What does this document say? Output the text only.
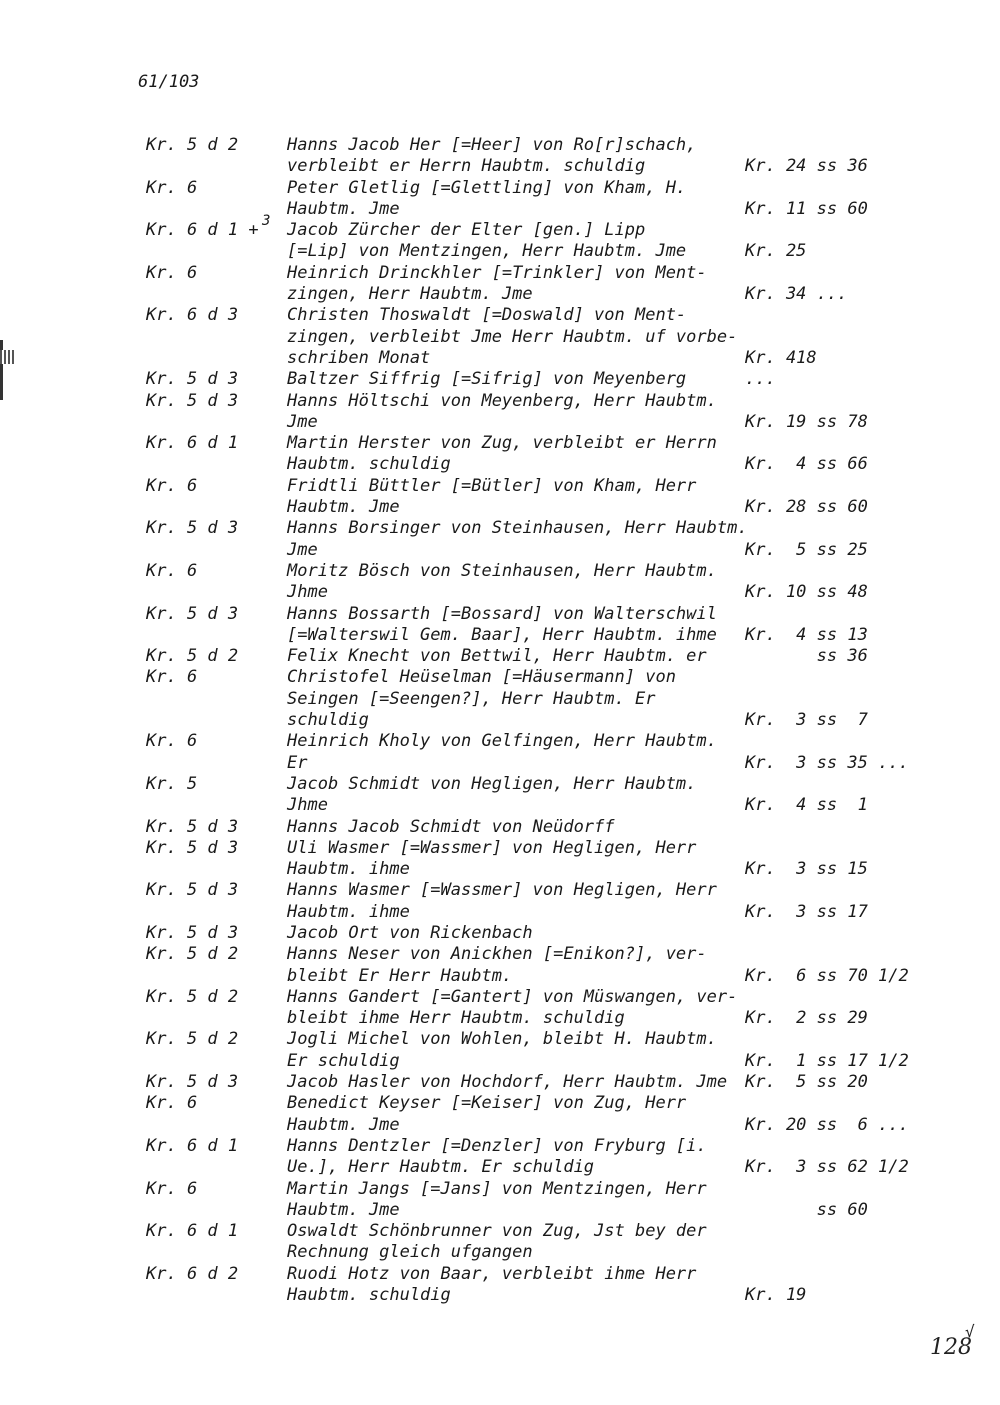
61/103
Kr. 5 d 2	Hanns Jacob Her [=Heer] von Ro[r]schach,
verbleibt er Herrn Haubtm. schuldig	Kr. 24 ss 36
Kr. 6	Peter Gletlig [=Glettling] von Kham, H.
Haubtm. Jme	Kr. 11 ss 60
Kr. 6 d 1 + 3 Jacob Zürcher der Elter [gen.] Lipp
[=Lip] von Mentzingen, Herr Haubtm. Jme	Kr. 25
Kr. 6	Heinrich Drinckhler [=Trinkler] von Ment-
zingen, Herr Haubtm. Jme	Kr. 34 ...
Kr. 6 d 3	Christen Thoswaldt [=Doswald] von Ment-
zingen, verbleibt Jme Herr Haubtm. uf vorbe-
schriben Monat	Kr. 418
Kr. 5 d 3	Baltzer Siffrig [=Sifrig] von Meyenberg	...
Kr. 5 d 3	Hanns Höltschi von Meyenberg, Herr Haubtm.
Jme	Kr. 19 ss 78
Kr. 6 d 1	Martin Herster von Zug, verbleibt er Herrn
Haubtm. schuldig	Kr.  4 ss 66
Kr. 6	Fridtli Büttler [=Bütler] von Kham, Herr
Haubtm. Jme	Kr. 28 ss 60
Kr. 5 d 3	Hanns Borsinger von Steinhausen, Herr Haubtm.
Jme	Kr.  5 ss 25
Kr. 6	Moritz Bösch von Steinhausen, Herr Haubtm.
Jhme	Kr. 10 ss 48
Kr. 5 d 3	Hanns Bossarth [=Bossard] von Walterschwil
[=Walterswil Gem. Baar], Herr Haubtm. ihme Kr.  4 ss 13
Kr. 5 d 2	Felix Knecht von Bettwil, Herr Haubtm. er ss 36
Kr. 6	Christofel Heüselman [=Häusermann] von
Seingen [=Seengen?], Herr Haubtm. Er
schuldig	Kr.  3 ss  7
Kr. 6	Heinrich Kholy von Gelfingen, Herr Haubtm.
Er	Kr.  3 ss 35 ...
Kr. 5	Jacob Schmidt von Hegligen, Herr Haubtm.
Jhme	Kr.  4 ss  1
Kr. 5 d 3	Hanns Jacob Schmidt von Neüdorff
Kr. 5 d 3	Uli Wasmer [=Wassmer] von Hegligen, Herr
Haubtm. ihme	Kr.  3 ss 15
Kr. 5 d 3	Hanns Wasmer [=Wassmer] von Hegligen, Herr
Haubtm. ihme	Kr.  3 ss 17
Kr. 5 d 3	Jacob Ort von Rickenbach
Kr. 5 d 2	Hanns Neser von Anickhen [=Enikon?], ver-
bleibt Er Herr Haubtm.	Kr.  6 ss 70 1/2
Kr. 5 d 2	Hanns Gandert [=Gantert] von Müswangen, ver-
bleibt ihme Herr Haubtm. schuldig	Kr.  2 ss 29
Kr. 5 d 2	Jogli Michel von Wohlen, bleibt H. Haubtm.
Er schuldig	Kr.  1 ss 17 1/2
Kr. 5 d 3	Jacob Hasler von Hochdorf, Herr Haubtm. Jme Kr.  5 ss 20
Kr. 6	Benedict Keyser [=Keiser] von Zug, Herr
Haubtm. Jme	Kr. 20 ss  6 ...
Kr. 6 d 1	Hanns Dentzler [=Denzler] von Fryburg [i.
Ue.], Herr Haubtm. Er schuldig	Kr.  3 ss 62 1/2
Kr. 6	Martin Jangs [=Jans] von Mentzingen, Herr
Haubtm. Jme	ss 60
Kr. 6 d 1	Oswaldt Schönbrunner von Zug, Jst bey der
Rechnung gleich ufgangen
Kr. 6 d 2	Ruodi Hotz von Baar, verbleibt ihme Herr
Haubtm. schuldig	Kr. 19
√
128
